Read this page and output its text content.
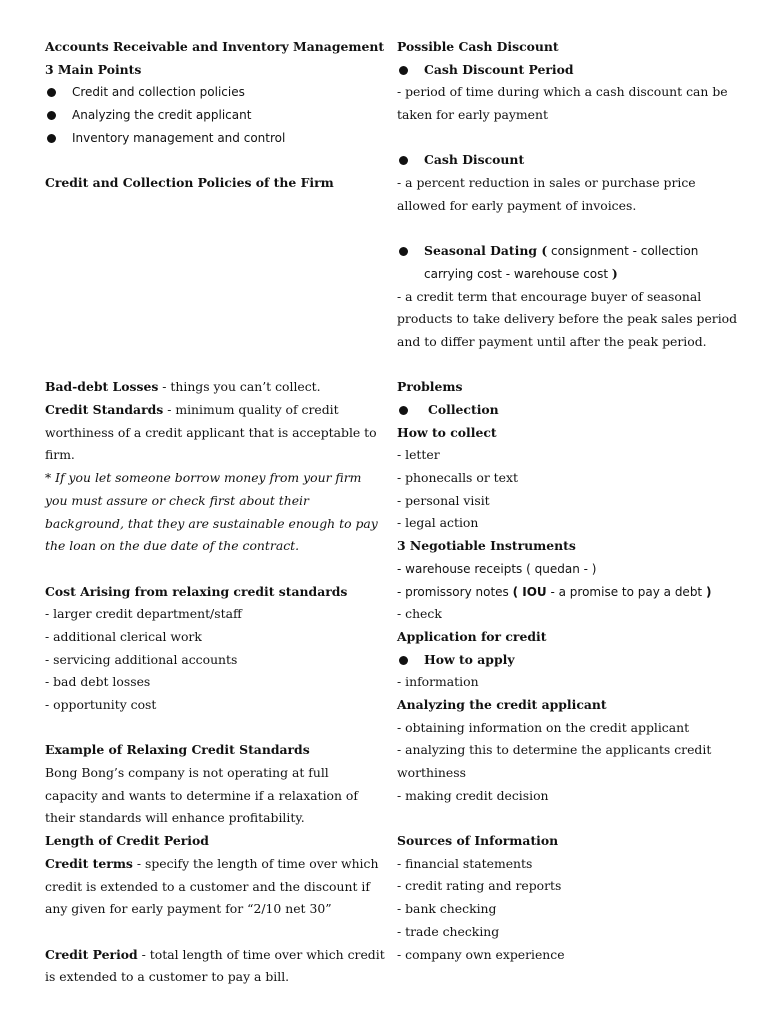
Accounts Receivable and Inventory Management
3 Main Points
Credit and collection policies
Analyzing the credit applicant
Inventory management and control
Credit and Collection Policies of the Firm
Bad-debt Losses - things you can’t collect.
Credit Standards - minimum quality of credit
worthiness of a credit applicant that is acceptable to
firm.
* If you let someone borrow money from your firm
you must assure or check first about their
background, that they are sustainable enough to pay
the loan on the due date of the contract.
Cost Arising from relaxing credit standards
- larger credit department/staff
- additional clerical work
- servicing additional accounts
- bad debt losses
- opportunity cost
Example of Relaxing Credit Standards
Bong Bong’s company is not operating at full
capacity and wants to determine if a relaxation of
their standards will enhance profitability.
Length of Credit Period
Credit terms - specify the length of time over which
credit is extended to a customer and the discount if
any given for early payment for “2/10 net 30”
Credit Period - total length of time over which credit
is extended to a customer to pay a bill.
Possible Cash Discount
Cash Discount Period
- period of time during which a cash discount can be
taken for early payment
Cash Discount
- a percent reduction in sales or purchase price
allowed for early payment of invoices.
Seasonal Dating ( consignment - collection
carrying cost - warehouse cost )
- a credit term that encourage buyer of seasonal
products to take delivery before the peak sales period
and to differ payment until after the peak period.
Problems
Collection
How to collect
- letter
- phonecalls or text
- personal visit
- legal action
3 Negotiable Instruments
- warehouse receipts ( quedan - )
- promissory notes ( IOU - a promise to pay a debt )
- check
Application for credit
How to apply
- information
Analyzing the credit applicant
- obtaining information on the credit applicant
- analyzing this to determine the applicants credit
worthiness
- making credit decision
Sources of Information
- financial statements
- credit rating and reports
- bank checking
- trade checking
- company own experience
